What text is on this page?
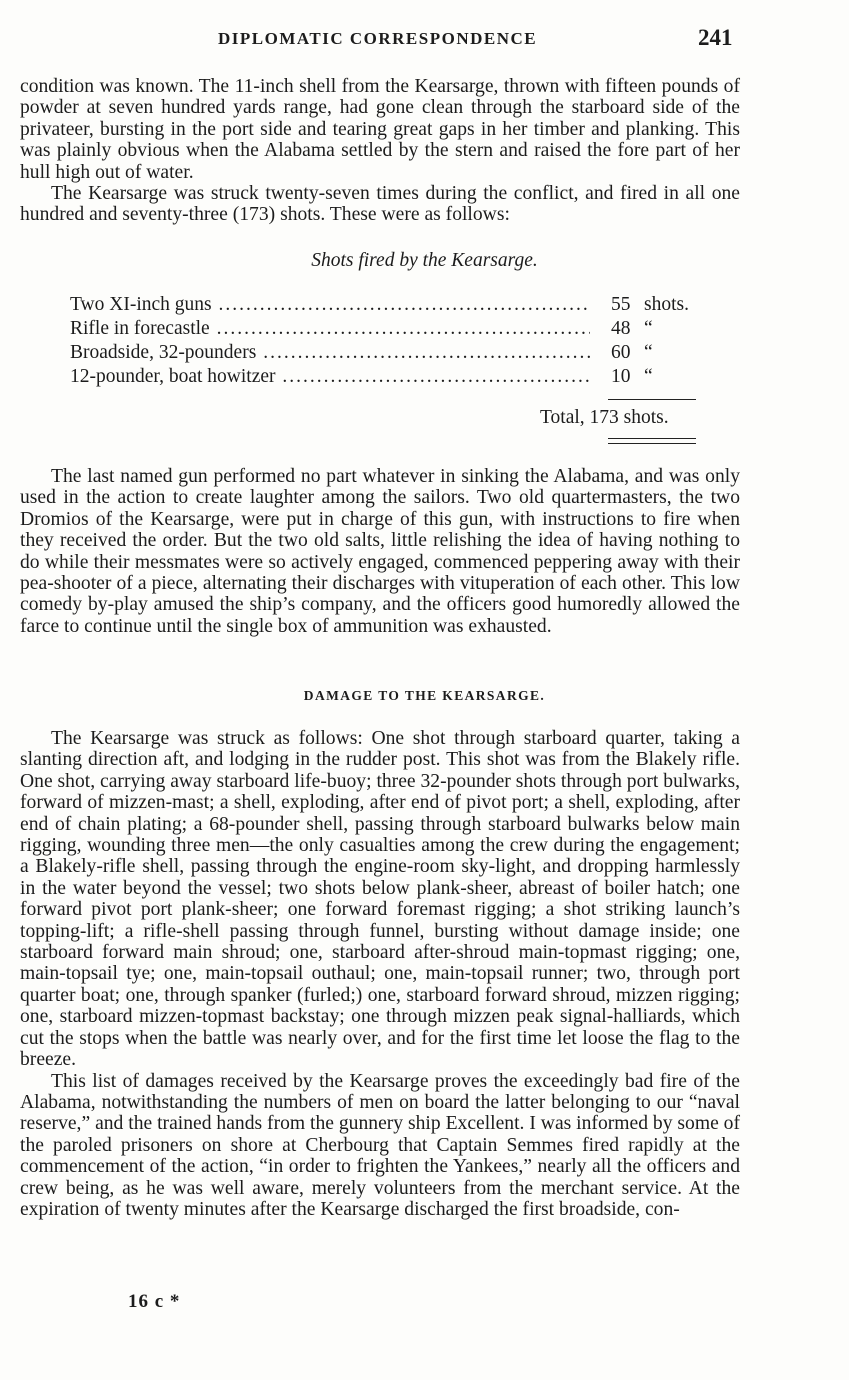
DIPLOMATIC CORRESPONDENCE	241

condition was known. The 11-inch shell from the Kearsarge, thrown with fifteen pounds of powder at seven hundred yards range, had gone clean through the starboard side of the privateer, bursting in the port side and tearing great gaps in her timber and planking. This was plainly obvious when the Alabama settled by the stern and raised the fore part of her hull high out of water.

The Kearsarge was struck twenty-seven times during the conflict, and fired in all one hundred and seventy-three (173) shots. These were as follows:

Shots fired by the Kearsarge.
Two XI-inch guns .....	55 shots.
Rifle in forecastle .....	48 “
Broadside, 32-pounders .....	60 “
12-pounder, boat howitzer .....	10 “
Total, 173 shots.

The last named gun performed no part whatever in sinking the Alabama, and was only used in the action to create laughter among the sailors. Two old quartermasters, the two Dromios of the Kearsarge, were put in charge of this gun, with instructions to fire when they received the order. But the two old salts, little relishing the idea of having nothing to do while their messmates were so actively engaged, commenced peppering away with their pea-shooter of a piece, alternating their discharges with vituperation of each other. This low comedy by-play amused the ship’s company, and the officers good humoredly allowed the farce to continue until the single box of ammunition was exhausted.

DAMAGE TO THE KEARSARGE.

The Kearsarge was struck as follows: One shot through starboard quarter, taking a slanting direction aft, and lodging in the rudder post. This shot was from the Blakely rifle. One shot, carrying away starboard life-buoy; three 32-pounder shots through port bulwarks, forward of mizzen-mast; a shell, exploding, after end of pivot port; a shell, exploding, after end of chain plating; a 68-pounder shell, passing through starboard bulwarks below main rigging, wounding three men—the only casualties among the crew during the engagement; a Blakely-rifle shell, passing through the engine-room sky-light, and dropping harmlessly in the water beyond the vessel; two shots below plank-sheer, abreast of boiler hatch; one forward pivot port plank-sheer; one forward foremast rigging; a shot striking launch’s topping-lift; a rifle-shell passing through funnel, bursting without damage inside; one starboard forward main shroud; one, starboard after-shroud main-topmast rigging; one, main-topsail tye; one, main-topsail outhaul; one, main-topsail runner; two, through port quarter boat; one, through spanker (furled;) one, starboard forward shroud, mizzen rigging; one, starboard mizzen-topmast backstay; one through mizzen peak signal-halliards, which cut the stops when the battle was nearly over, and for the first time let loose the flag to the breeze.

This list of damages received by the Kearsarge proves the exceedingly bad fire of the Alabama, notwithstanding the numbers of men on board the latter belonging to our “naval reserve,” and the trained hands from the gunnery ship Excellent. I was informed by some of the paroled prisoners on shore at Cherbourg that Captain Semmes fired rapidly at the commencement of the action, “in order to frighten the Yankees,” nearly all the officers and crew being, as he was well aware, merely volunteers from the merchant service. At the expiration of twenty minutes after the Kearsarge discharged the first broadside, con-

16 c *
